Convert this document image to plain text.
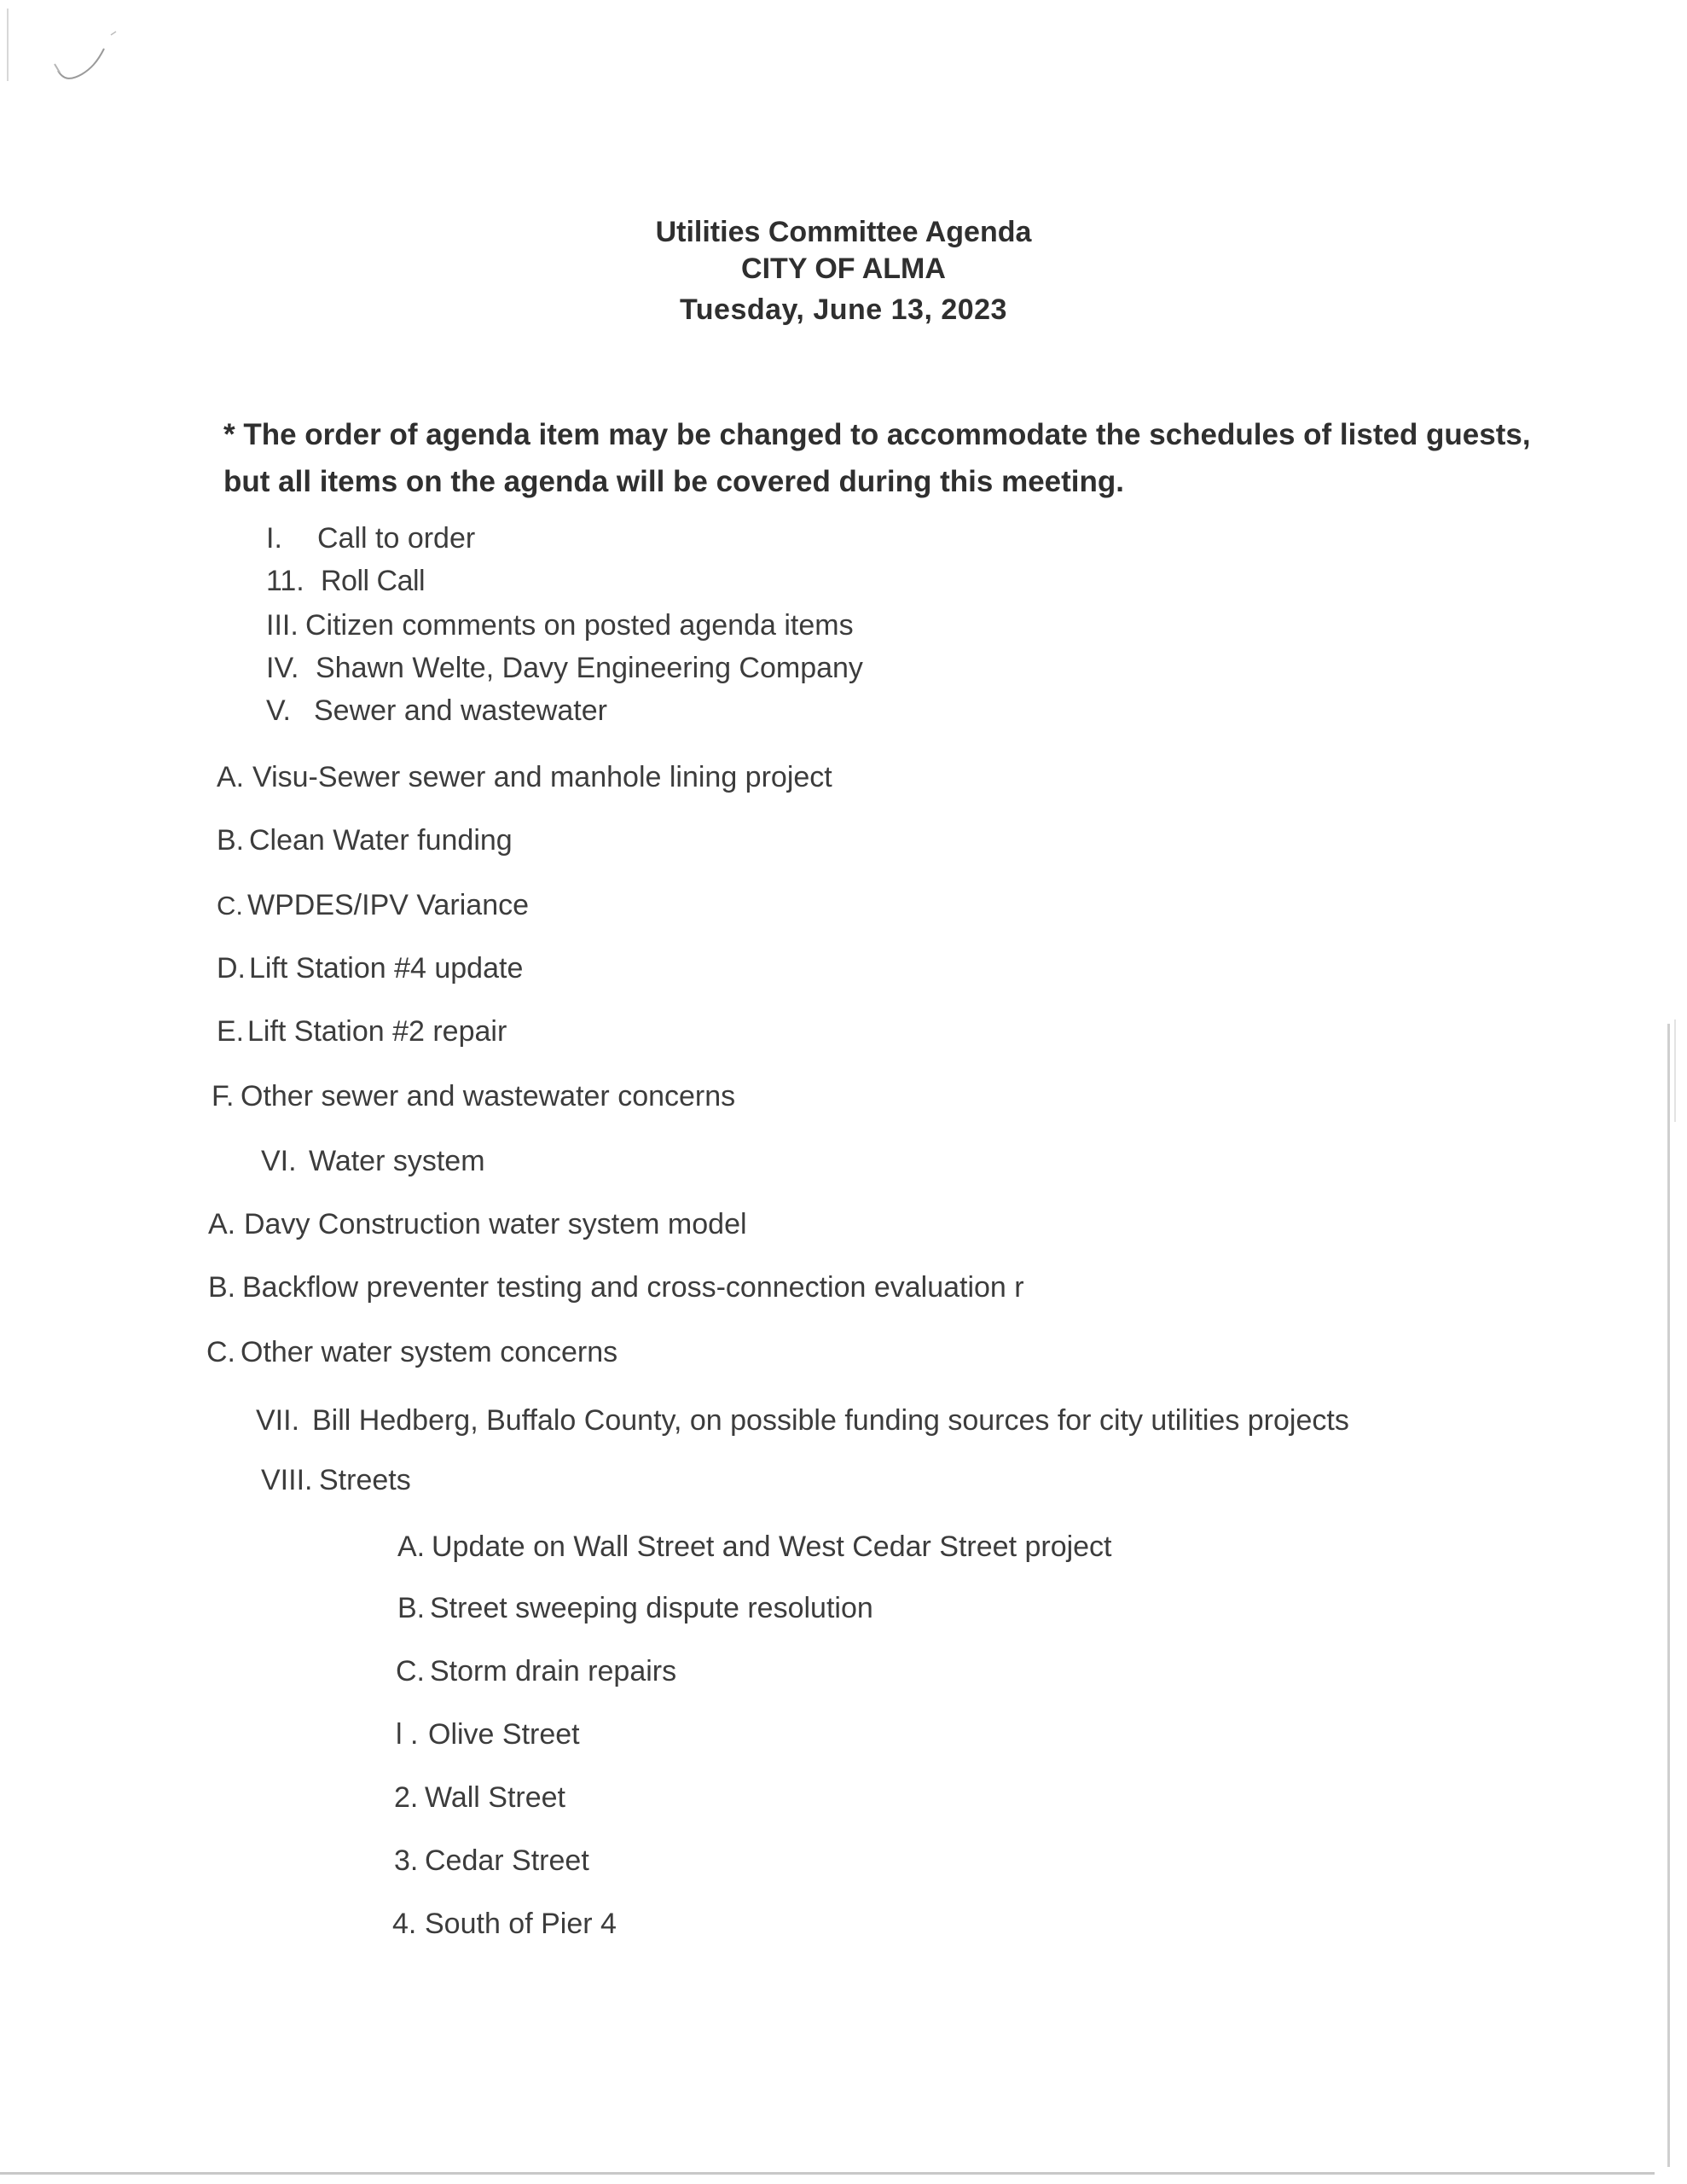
Utilities Committee Agenda
CITY OF ALMA
Tuesday, June 13, 2023
* The order of agenda item may be changed to accommodate the schedules of listed guests,
but all items on the agenda will be covered during this meeting.
I. Call to order
11. Roll Call
III. Citizen comments on posted agenda items
IV. Shawn Welte, Davy Engineering Company
V. Sewer and wastewater
A. Visu-Sewer sewer and manhole lining project
B. Clean Water funding
C. WPDES/IPV Variance
D. Lift Station #4 update
E. Lift Station #2 repair
F. Other sewer and wastewater concerns
VI. Water system
A. Davy Construction water system model
B. Backflow preventer testing and cross-connection evaluation r
C. Other water system concerns
VII. Bill Hedberg, Buffalo County, on possible funding sources for city utilities projects
VIII. Streets
A. Update on Wall Street and West Cedar Street project
B. Street sweeping dispute resolution
C. Storm drain repairs
l . Olive Street
2. Wall Street
3. Cedar Street
4. South of Pier 4
